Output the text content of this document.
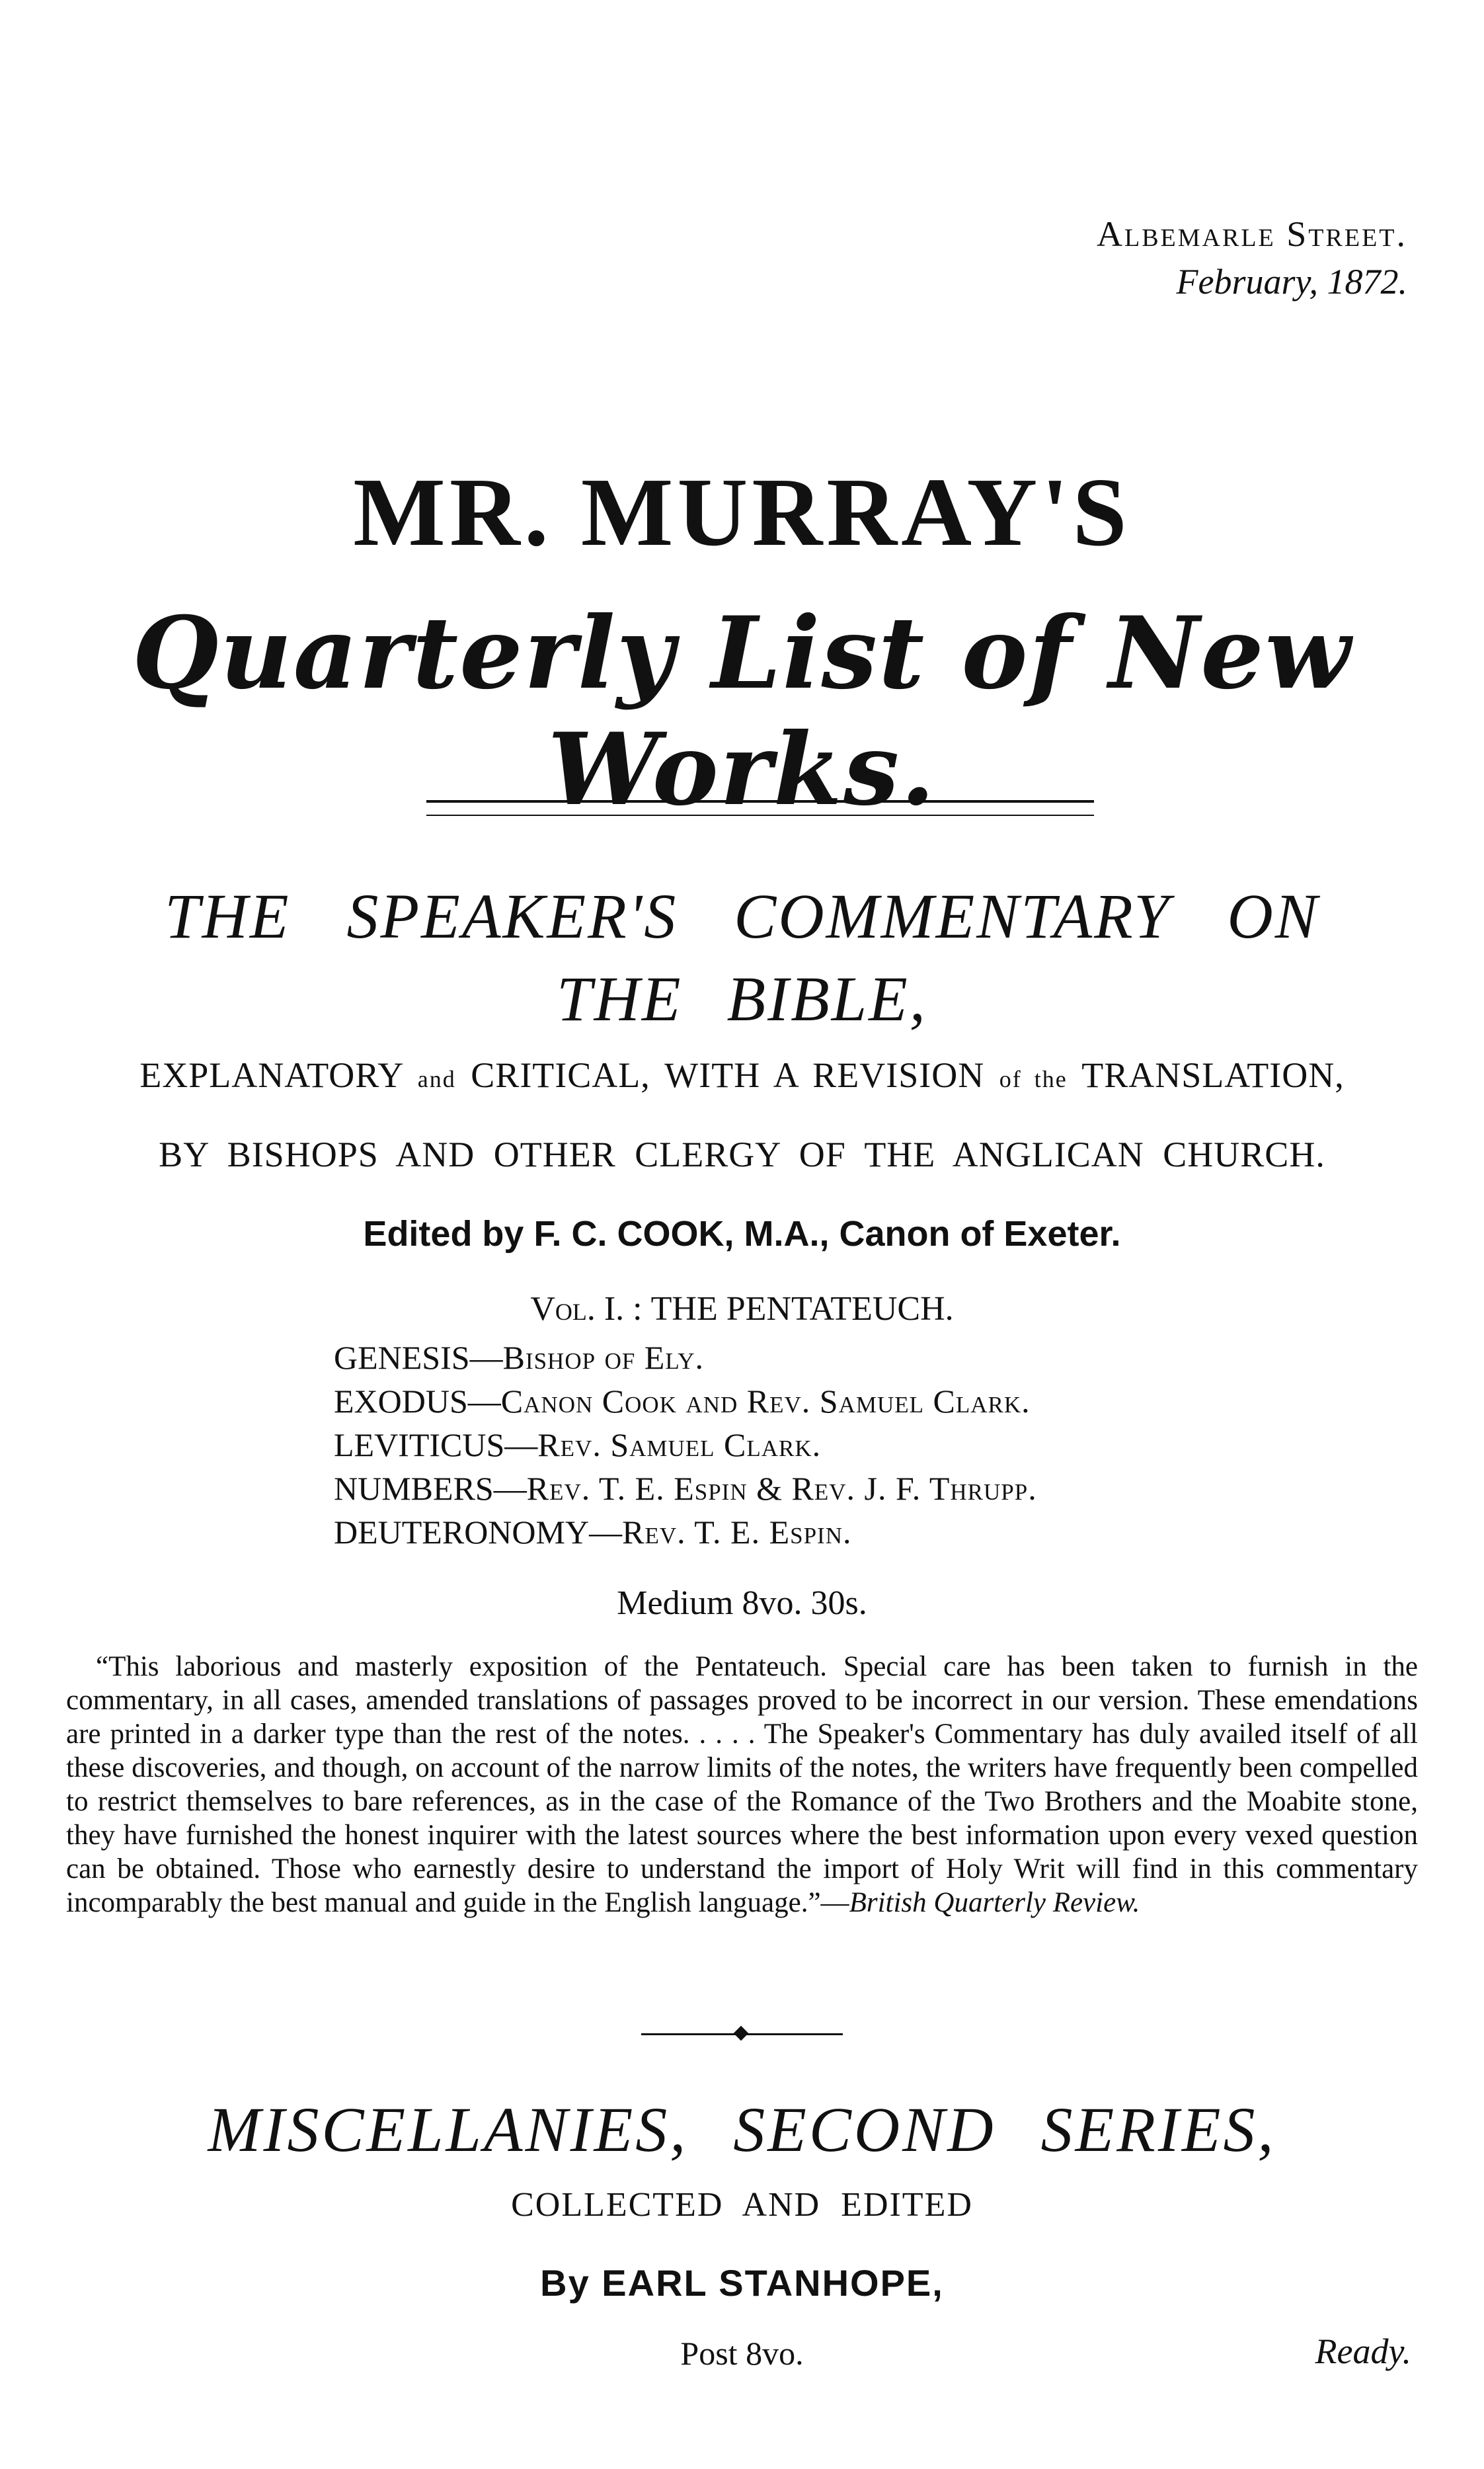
Albemarle Street.
February, 1872.
MR. MURRAY'S
Quarterly List of New Works.
THE SPEAKER'S COMMENTARY ON
THE BIBLE,
EXPLANATORY and CRITICAL, WITH A REVISION of the TRANSLATION,
BY BISHOPS AND OTHER CLERGY OF THE ANGLICAN CHURCH.
Edited by F. C. COOK, M.A., Canon of Exeter.
Vol. I. : THE PENTATEUCH.
GENESIS—Bishop of Ely.
EXODUS—Canon Cook and Rev. Samuel Clark.
LEVITICUS—Rev. Samuel Clark.
NUMBERS—Rev. T. E. Espin & Rev. J. F. Thrupp.
DEUTERONOMY—Rev. T. E. Espin.
Medium 8vo. 30s.
“This laborious and masterly exposition of the Pentateuch. Special care has been taken to furnish in the commentary, in all cases, amended translations of passages proved to be incorrect in our version. These emendations are printed in a darker type than the rest of the notes. . . . . The Speaker's Commentary has duly availed itself of all these discoveries, and though, on account of the narrow limits of the notes, the writers have frequently been compelled to restrict themselves to bare references, as in the case of the Romance of the Two Brothers and the Moabite stone, they have furnished the honest inquirer with the latest sources where the best information upon every vexed question can be obtained. Those who earnestly desire to understand the import of Holy Writ will find in this commentary incomparably the best manual and guide in the English language.”—British Quarterly Review.
MISCELLANIES, SECOND SERIES,
COLLECTED AND EDITED
By EARL STANHOPE,
Post 8vo.	Ready.
